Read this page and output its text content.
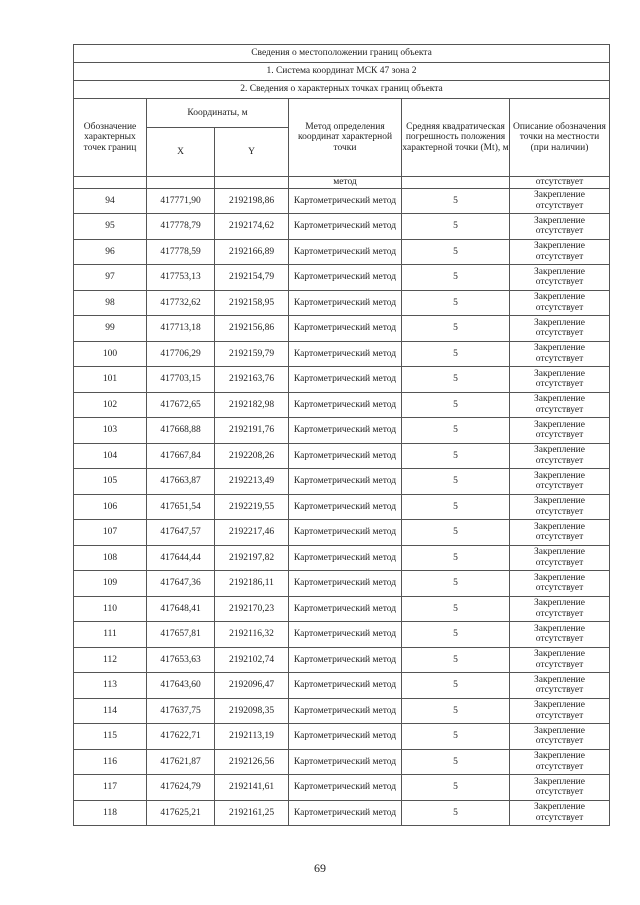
Сведения о местоположении границ объекта					
1. Система координат МСК 47 зона 2					
2. Сведения о характерных точках границ объекта					
Обозначение характерных точек границ	Координаты, м		Метод определения координат характерной точки	Средняя квадратическая погрешность положения характерной точки (Mt), м	Описание обозначения точки на местности (при наличии)
	X	Y			
			метод		отсутствует
94	417771,90	2192198,86	Картометрический метод	5	Закрепление отсутствует
95	417778,79	2192174,62	Картометрический метод	5	Закрепление отсутствует
96	417778,59	2192166,89	Картометрический метод	5	Закрепление отсутствует
97	417753,13	2192154,79	Картометрический метод	5	Закрепление отсутствует
98	417732,62	2192158,95	Картометрический метод	5	Закрепление отсутствует
99	417713,18	2192156,86	Картометрический метод	5	Закрепление отсутствует
100	417706,29	2192159,79	Картометрический метод	5	Закрепление отсутствует
101	417703,15	2192163,76	Картометрический метод	5	Закрепление отсутствует
102	417672,65	2192182,98	Картометрический метод	5	Закрепление отсутствует
103	417668,88	2192191,76	Картометрический метод	5	Закрепление отсутствует
104	417667,84	2192208,26	Картометрический метод	5	Закрепление отсутствует
105	417663,87	2192213,49	Картометрический метод	5	Закрепление отсутствует
106	417651,54	2192219,55	Картометрический метод	5	Закрепление отсутствует
107	417647,57	2192217,46	Картометрический метод	5	Закрепление отсутствует
108	417644,44	2192197,82	Картометрический метод	5	Закрепление отсутствует
109	417647,36	2192186,11	Картометрический метод	5	Закрепление отсутствует
110	417648,41	2192170,23	Картометрический метод	5	Закрепление отсутствует
111	417657,81	2192116,32	Картометрический метод	5	Закрепление отсутствует
112	417653,63	2192102,74	Картометрический метод	5	Закрепление отсутствует
113	417643,60	2192096,47	Картометрический метод	5	Закрепление отсутствует
114	417637,75	2192098,35	Картометрический метод	5	Закрепление отсутствует
115	417622,71	2192113,19	Картометрический метод	5	Закрепление отсутствует
116	417621,87	2192126,56	Картометрический метод	5	Закрепление отсутствует
117	417624,79	2192141,61	Картометрический метод	5	Закрепление отсутствует
118	417625,21	2192161,25	Картометрический метод	5	Закрепление отсутствует
69
